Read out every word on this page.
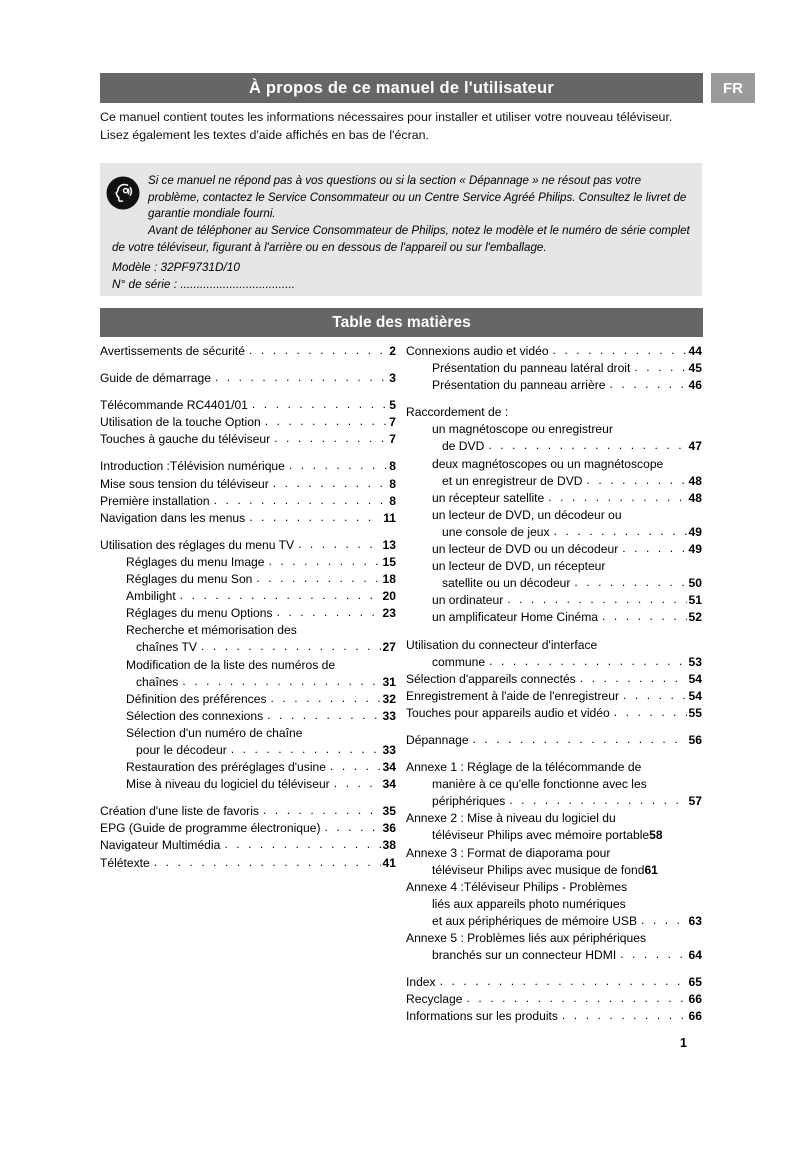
À propos de ce manuel de l'utilisateur	FR
Ce manuel contient toutes les informations nécessaires pour installer et utiliser votre nouveau téléviseur. Lisez également les textes d'aide affichés en bas de l'écran.
Si ce manuel ne répond pas à vos questions ou si la section « Dépannage » ne résout pas votre problème, contactez le Service Consommateur ou un Centre Service Agréé Philips. Consultez le livret de garantie mondiale fourni.
Avant de téléphoner au Service Consommateur de Philips, notez le modèle et le numéro de série complet de votre téléviseur, figurant à l'arrière ou en dessous de l'appareil ou sur l'emballage.
Modèle : 32PF9731D/10
N° de série : ...................................
Table des matières
Avertissements de sécurité . . .	2
Guide de démarrage . . .	3
Télécommande RC4401/01 . . .	5
Utilisation de la touche Option . . .	7
Touches à gauche du téléviseur . . .	7
Introduction :Télévision numérique . . .	8
Mise sous tension du téléviseur . . .	8
Première installation . . .	8
Navigation dans les menus . . .	11
Utilisation des réglages du menu TV . . .	13
Réglages du menu Image . . .	15
Réglages du menu Son . . .	18
Ambilight . . .	20
Réglages du menu Options . . .	23
Recherche et mémorisation des
chaînes TV . . .	27
Modification de la liste des numéros de
chaînes . . .	31
Définition des préférences . . .	32
Sélection des connexions . . .	33
Sélection d'un numéro de chaîne
pour le décodeur . . .	33
Restauration des préréglages d'usine . . .	34
Mise à niveau du logiciel du téléviseur . . .	34
Création d'une liste de favoris . . .	35
EPG (Guide de programme électronique) . . .	36
Navigateur Multimédia . . .	38
Télétexte . . .	41
Connexions audio et vidéo . . .	44
Présentation du panneau latéral droit . . .	45
Présentation du panneau arrière . . .	46
Raccordement de :
un magnétoscope ou enregistreur
de DVD . . .	47
deux magnétoscopes ou un magnétoscope
et un enregistreur de DVD . . .	48
un récepteur satellite . . .	48
un lecteur de DVD, un décodeur ou
une console de jeux . . .	49
un lecteur de DVD ou un décodeur . . .	49
un lecteur de DVD, un récepteur
satellite ou un décodeur . . .	50
un ordinateur . . .	51
un amplificateur Home Cinéma . . .	52
Utilisation du connecteur d'interface
commune . . .	53
Sélection d'appareils connectés . . .	54
Enregistrement à l'aide de l'enregistreur . . .	54
Touches pour appareils audio et vidéo . . .	55
Dépannage . . .	56
Annexe 1 : Réglage de la télécommande de
manière à ce qu'elle fonctionne avec les
périphériques . . .	57
Annexe 2 : Mise à niveau du logiciel du
téléviseur Philips avec mémoire portable 58
Annexe 3 : Format de diaporama pour
téléviseur Philips avec musique de fond 61
Annexe 4 :Téléviseur Philips - Problèmes
liés aux appareils photo numériques
et aux périphériques de mémoire USB . . .	63
Annexe 5 : Problèmes liés aux périphériques
branchés sur un connecteur HDMI . . .	64
Index . . .	65
Recyclage . . .	66
Informations sur les produits . . .	66
1
